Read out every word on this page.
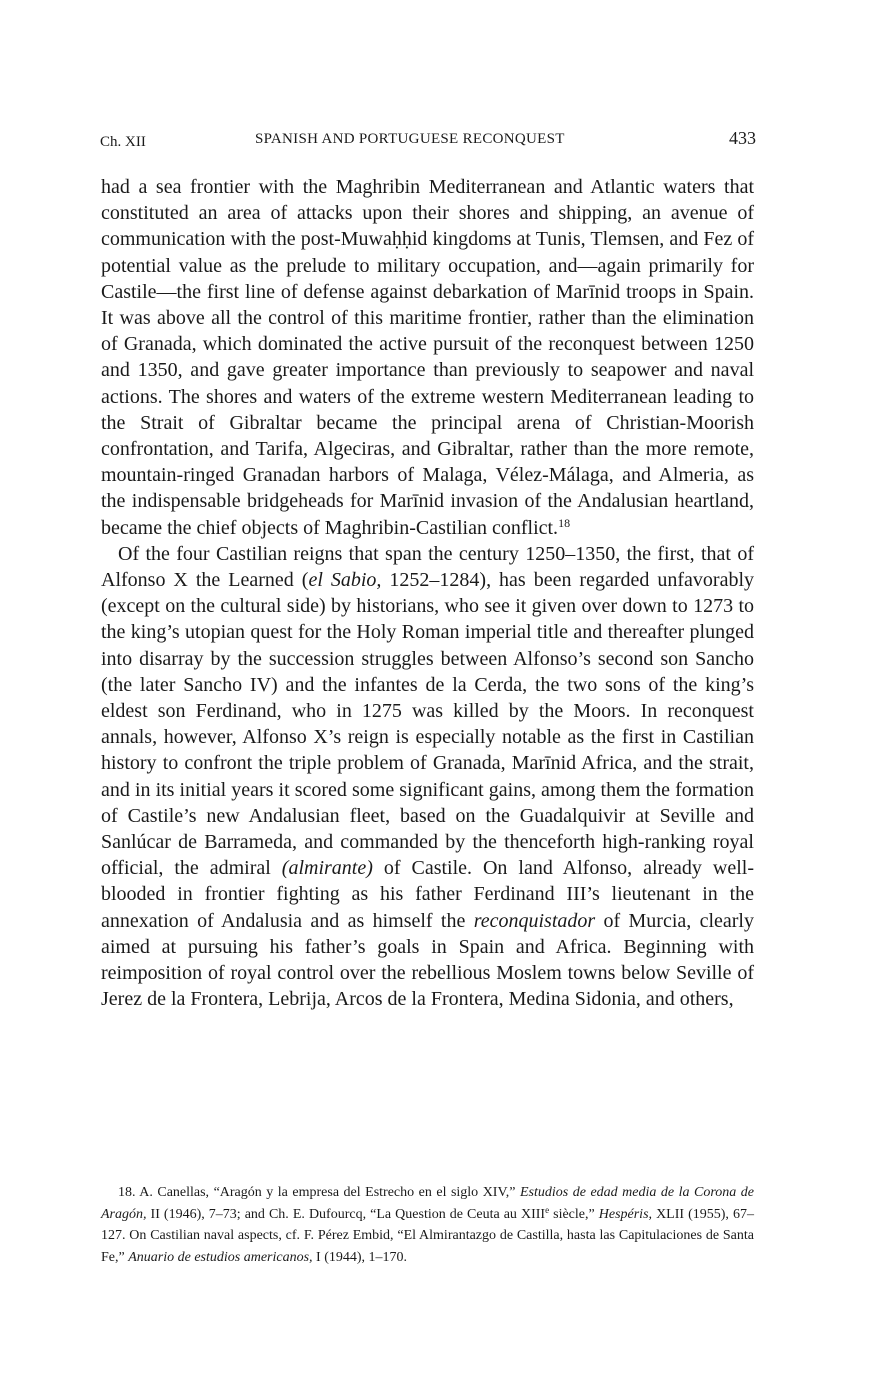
Ch. XII	SPANISH AND PORTUGUESE RECONQUEST	433

had a sea frontier with the Maghribin Mediterranean and Atlantic waters that constituted an area of attacks upon their shores and shipping, an avenue of communication with the post-Muwaḥḥid kingdoms at Tunis, Tlemsen, and Fez of potential value as the prelude to military occupation, and—again primarily for Castile—the first line of defense against debarkation of Marīnid troops in Spain. It was above all the control of this maritime frontier, rather than the elimination of Granada, which dominated the active pursuit of the reconquest between 1250 and 1350, and gave greater importance than previously to seapower and naval actions. The shores and waters of the extreme western Mediterranean leading to the Strait of Gibraltar became the principal arena of Christian-Moorish confrontation, and Tarifa, Algeciras, and Gibraltar, rather than the more remote, mountain-ringed Granadan harbors of Malaga, Vélez-Málaga, and Almeria, as the indispensable bridgeheads for Marīnid invasion of the Andalusian heartland, became the chief objects of Maghribin-Castilian conflict.$^{18}$

Of the four Castilian reigns that span the century 1250–1350, the first, that of Alfonso X the Learned (el Sabio, 1252–1284), has been regarded unfavorably (except on the cultural side) by historians, who see it given over down to 1273 to the king’s utopian quest for the Holy Roman imperial title and thereafter plunged into disarray by the succession struggles between Alfonso’s second son Sancho (the later Sancho IV) and the infantes de la Cerda, the two sons of the king’s eldest son Ferdinand, who in 1275 was killed by the Moors. In reconquest annals, however, Alfonso X’s reign is especially notable as the first in Castilian history to confront the triple problem of Granada, Marīnid Africa, and the strait, and in its initial years it scored some significant gains, among them the formation of Castile’s new Andalusian fleet, based on the Guadalquivir at Seville and Sanlúcar de Barrameda, and commanded by the thenceforth high-ranking royal official, the admiral (almirante) of Castile. On land Alfonso, already well-blooded in frontier fighting as his father Ferdinand III’s lieutenant in the annexation of Andalusia and as himself the reconquistador of Murcia, clearly aimed at pursuing his father’s goals in Spain and Africa. Beginning with reimposition of royal control over the rebellious Moslem towns below Seville of Jerez de la Frontera, Lebrija, Arcos de la Frontera, Medina Sidonia, and others,

18. A. Canellas, “Aragón y la empresa del Estrecho en el siglo XIV,” Estudios de edad media de la Corona de Aragón, II (1946), 7–73; and Ch. E. Dufourcq, “La Question de Ceuta au XIIIe siècle,” Hespéris, XLII (1955), 67–127. On Castilian naval aspects, cf. F. Pérez Embid, “El Almirantazgo de Castilla, hasta las Capitulaciones de Santa Fe,” Anuario de estudios americanos, I (1944), 1–170.
